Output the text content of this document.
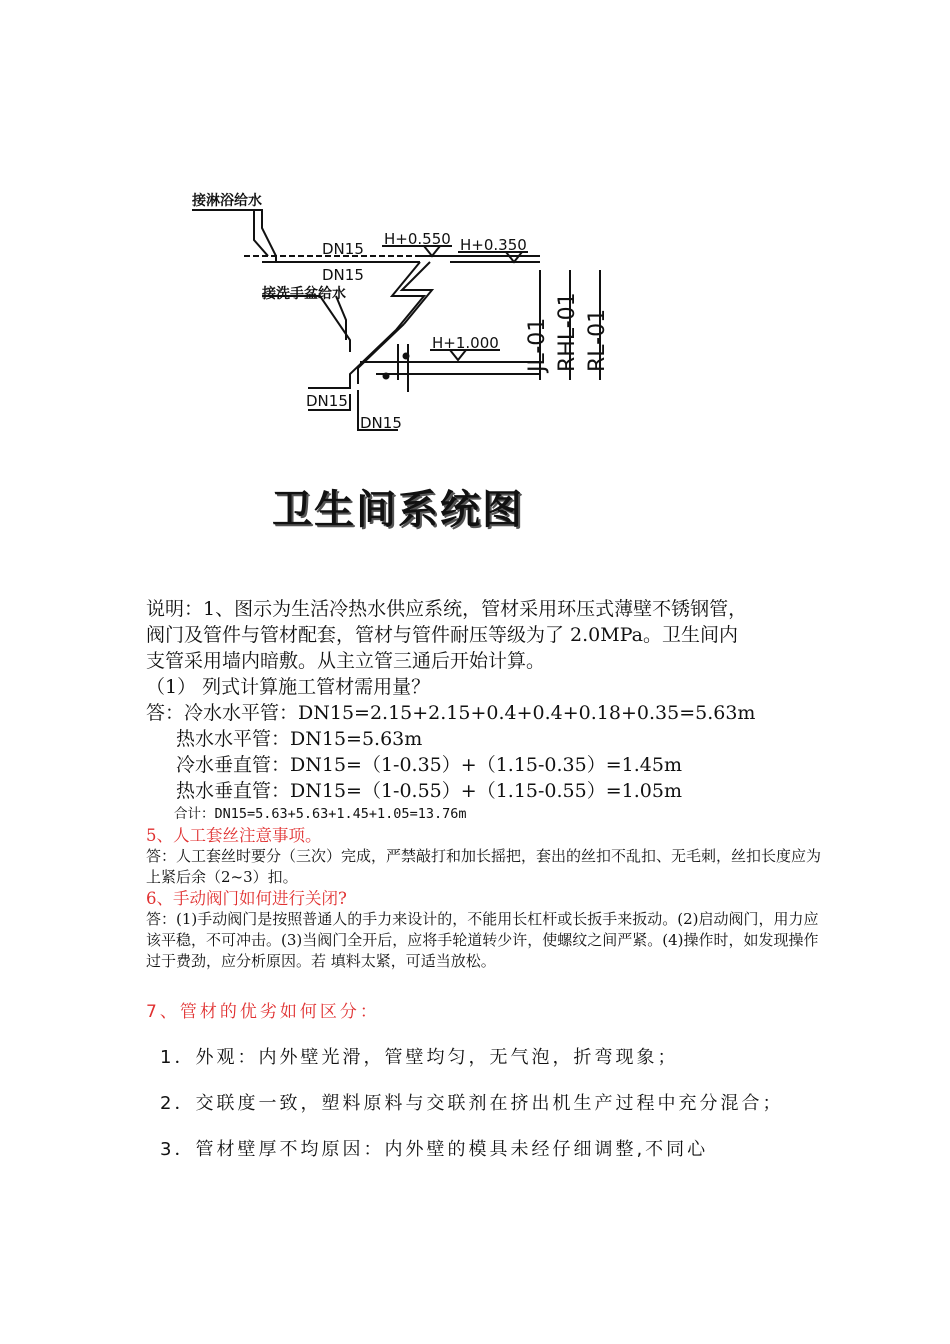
接淋浴给水
DN15
DN15
H+0.550 H+0.350
接洗手盆给水
H+1.000
DN15
DN15
JL-01 RHL-01 RL-01
卫生间系统图

说明：1、图示为生活冷热水供应系统，管材采用环压式薄壁不锈钢管，

阀门及管件与管材配套，管材与管件耐压等级为了 2.0MPa。卫生间内

支管采用墙内暗敷。从主立管三通后开始计算。

（1） 列式计算施工管材需用量？

答：冷水水平管：DN15=2.15+2.15+0.4+0.4+0.18+0.35=5.63m

热水水平管：DN15=5.63m

冷水垂直管：DN15=（1-0.35）+（1.15-0.35）=1.45m

热水垂直管：DN15=（1-0.55）+（1.15-0.55）=1.05m

合计：DN15=5.63+5.63+1.45+1.05=13.76m

5、人工套丝注意事项。

答：人工套丝时要分（三次）完成，严禁敲打和加长摇把，套出的丝扣不乱扣、无毛刺，丝扣长度应为上紧后余（2~3）扣。

6、手动阀门如何进行关闭?

答：(1)手动阀门是按照普通人的手力来设计的，不能用长杠杆或长扳手来扳动。(2)启动阀门，用力应该平稳，不可冲击。(3)当阀门全开后，应将手轮道转少许，使螺纹之间严紧。(4)操作时，如发现操作过于费劲，应分析原因。若 填料太紧，可适当放松。

7、管材的优劣如何区分：

1．外观：内外壁光滑，管壁均匀，无气泡，折弯现象；

2．交联度一致，塑料原料与交联剂在挤出机生产过程中充分混合；

3．管材壁厚不均原因：内外壁的模具未经仔细调整,不同心
